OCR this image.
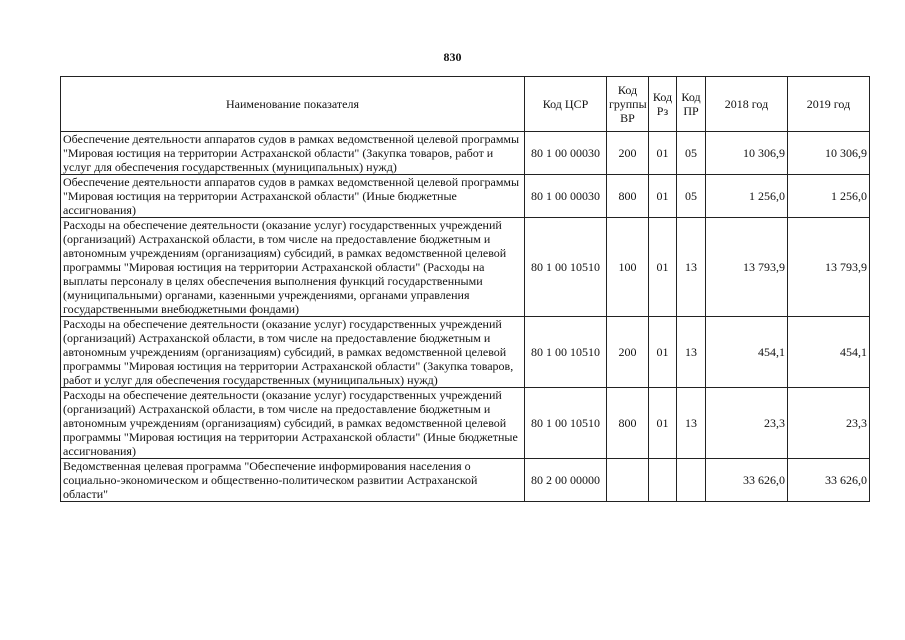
830
Наименование показателя	Код ЦСР	Код группы ВР	Код Рз	Код ПР	2018 год	2019 год
Обеспечение деятельности аппаратов судов в рамках ведомственной целевой программы "Мировая юстиция на территории Астраханской области" (Закупка товаров, работ и услуг для обеспечения государственных (муниципальных) нужд)	80 1 00 00030	200	01	05	10 306,9	10 306,9
Обеспечение деятельности аппаратов судов в рамках ведомственной целевой программы "Мировая юстиция на территории Астраханской области" (Иные бюджетные ассигнования)	80 1 00 00030	800	01	05	1 256,0	1 256,0
Расходы на обеспечение деятельности (оказание услуг) государственных учреждений (организаций) Астраханской области, в том числе на предоставление бюджетным и автономным учреждениям (организациям) субсидий, в рамках ведомственной целевой программы "Мировая юстиция на территории Астраханской области" (Расходы на выплаты персоналу в целях обеспечения выполнения функций государственными (муниципальными) органами, казенными учреждениями, органами управления государственными внебюджетными фондами)	80 1 00 10510	100	01	13	13 793,9	13 793,9
Расходы на обеспечение деятельности (оказание услуг) государственных учреждений (организаций) Астраханской области, в том числе на предоставление бюджетным и автономным учреждениям (организациям) субсидий, в рамках ведомственной целевой программы "Мировая юстиция на территории Астраханской области" (Закупка товаров, работ и услуг для обеспечения государственных (муниципальных) нужд)	80 1 00 10510	200	01	13	454,1	454,1
Расходы на обеспечение деятельности (оказание услуг) государственных учреждений (организаций) Астраханской области, в том числе на предоставление бюджетным и автономным учреждениям (организациям) субсидий, в рамках ведомственной целевой программы "Мировая юстиция на территории Астраханской области" (Иные бюджетные ассигнования)	80 1 00 10510	800	01	13	23,3	23,3
Ведомственная целевая программа "Обеспечение информирования населения о социально-экономическом и общественно-политическом развитии Астраханской области"	80 2 00 00000				33 626,0	33 626,0
